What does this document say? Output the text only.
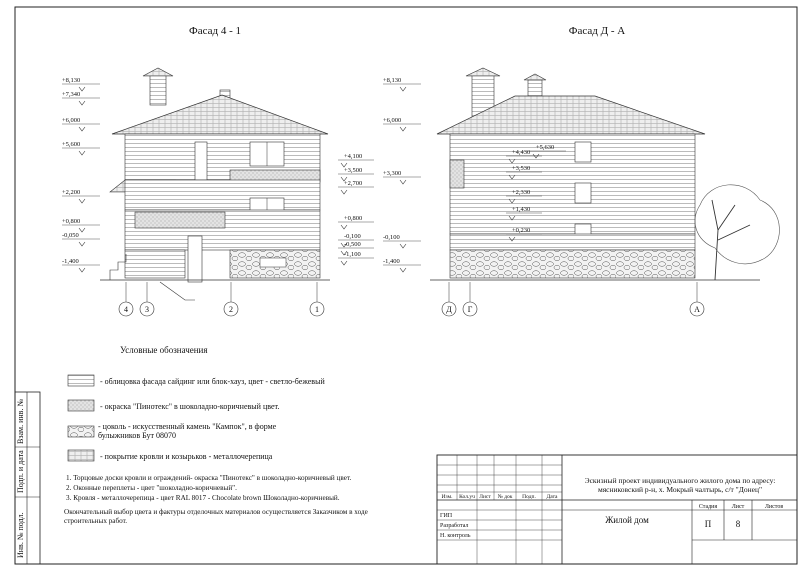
Инв. № подл.
Подп. и дата
Взам. инв. №
Фасад 4 - 1
+8,130
+7,340
+6,000
+5,600
+2,200
+0,800
-0,050
-1,400
+4,100
+3,500
+2,700
+0,800
-0,100
-0,500
-1,100
4 3	2	1
Фасад Д - А
+8,130
+6,000
+3,300
-0,100
-1,400
+4,430
+5,630
+3,530
+2,330
+1,430
+0,230
Д Г	А
Условные обозначения
- облицовка фасада сайдинг или блок-хауз, цвет - светло-бежевый
- окраска "Пинотекс" в шоколадно-коричневый цвет.
- цоколь - искусственный камень "Кампок", в форме булыжников Бут 08070
- покрытие кровли и козырьков - металлочерепица
1. Торцовые доски кровли и ограждений- окраска "Пинотекс" в шоколадно-коричневый цвет.
2. Оконные переплеты - цвет "шоколадно-коричневый".
3. Кровля - металлочерепица - цвет RAL 8017 - Chocolate brown Шоколадно-коричневый.
Окончательный выбор цвета и фактуры отделочных материалов осуществляется Заказчиком в ходе строительных работ.
Изм. Кол.уч Лист № док Подп. Дата
ГИП
Разработал
Н. контроль
Эскизный проект индивидуального жилого дома по адресу: мясниковский р-н, х. Мокрый чалтырь, с/т "Донец"
Жилой дом
Стадия Лист	Листов
П	8
